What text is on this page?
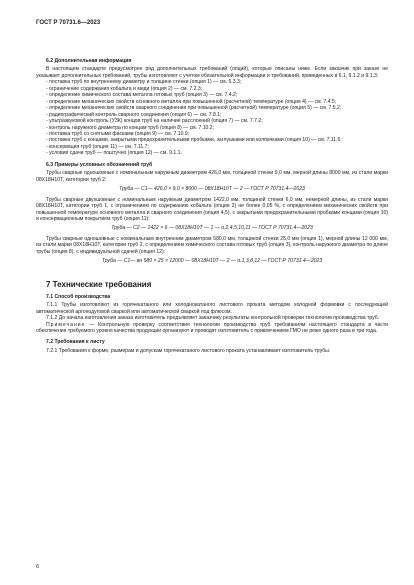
ГОСТ Р 70731.6—2023

6.2 Дополнительная информация

В настоящем стандарте предусмотрен ряд дополнительных требований (опций), которые описаны ниже. Если заказчик при заказе не указывает дополнительных требований, трубы изготовляют с учетом обязательной информации и требований, приведенных в 6.1, 9.1.2 и 9.1.3:

- поставка труб по внутреннему диаметру и толщине стенки (опция 1) — см. 5.3.3;

- ограничение содержания кобальта и меди (опция 2) — см. 7.2.3;

- определение химического состава металла готовых труб (опция 3) — см. 7.4.2;

- определение механических свойств основного металла при повышенной (расчетной) температуре (опция 4) — см. 7.4.5;

- определение механических свойств сварного соединения при повышенной (расчетной) температуре (опция 5) — см. 7.5.2;

- радиографический контроль сварного соединения (опция 6) — см. 7.8.1;

- ультразвуковой контроль (УЗК) концов труб на наличие расслоений (опция 7) — см. 7.7.2;

- контроль наружного диаметра по концам труб (опция 8) — см. 7.10.2;

- поставка труб со снятыми фасками (опция 9) — см. 7.10.9;

- поставка труб с концами, закрытыми предохранительными пробками, заглушками или колпачками (опция 10) — см. 7.11.6;

- консервация труб (опция 11) — см. 7.11.7;

- условия сдачи труб — поштучно (опция 12) — см. 9.1.1.

6.3 Примеры условных обозначений труб

Трубы сварные одношовные с номинальным наружным диаметром 426,0 мм, толщиной стенки 9,0 мм, мерной длины 8000 мм, из стали марки 08Х18Н10Т, категории труб 2:

Труба — С1— 426,0 × 9,0 × 8000 — 08Х18Н10Т — 2 — ГОСТ Р 70731.4—2023

Трубы сварные двухшовные с номинальным наружным диаметром 1422,0 мм, толщиной стенки 6,0 мм, немерной длины, из стали марки 08Х18Н10Т, категории труб 1, с ограничением по содержанию кобальта (опция 2) не более 0,05 %, с определением механических свойств при повышенной температуре основного металла и сварного соединения (опция 4,5), с закрытыми предохранительными пробками концами (опция 10) и консервационным покрытием труб (опция 11):

Труба — С2 — 1422 × 6 — 08Х18Н10Т — 1 — о.2,4,5,10,11 — ГОСТ Р 70731.4—2023

Трубы сварные одношовные с номинальным внутренним диаметром 580,0 мм, толщиной стенки 25,0 мм (опция 1), мерной длины 12 000 мм, из стали марки 08Х18Н10Т, категории труб 2, с определением химического состава готовых труб (опция 3), контроль наружного диаметра по длине трубы (опция 8), с индивидуальной сдачей (опция 12):

Труба — С1— вн 580 × 25 × 12000 — 08Х18Н10Т — 2 — о.1,3,8,12 — ГОСТ Р 70731.4—2023

7 Технические требования

7.1 Способ производства

7.1.1 Трубы изготовляют из горячекатаного или холоднокатаного листового проката методом холодной формовки с последующей автоматической аргонодуговой сваркой или автоматической сваркой под флюсом.

7.1.2 До начала изготовления заказа изготовитель предъявляет заказчику результаты контрольной проверки технологии производства труб.

Примечание — Контрольную проверку соответствия технологии производства труб требованиям настоящего стандарта в части обеспечения требуемого уровня качества продукции организуют и проводят изготовитель с привлечением ГМО не реже одного раза в три года.

7.2 Требования к листу

7.2.1 Требования к форме, размерам и допускам горячекатаного листового проката устанавливает изготовитель трубы.

6
